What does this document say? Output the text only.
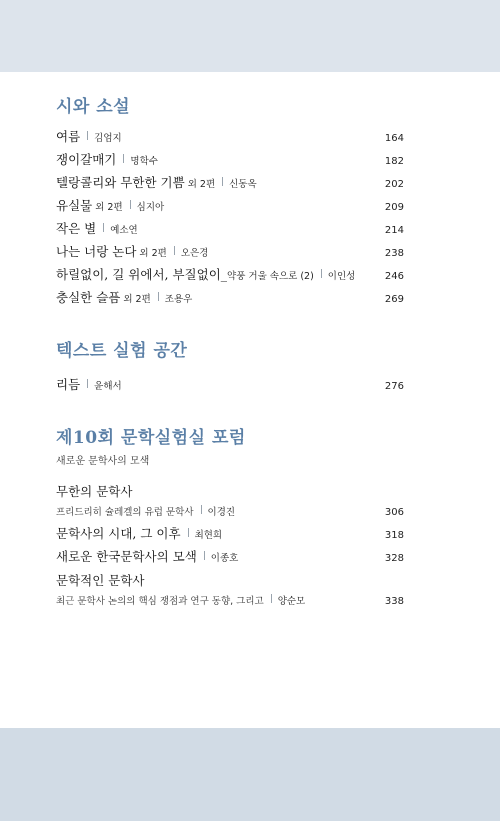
시와 소설
여름 김엄지	164
쟁이갈매기 명학수	182
텔랑콜리와 무한한 기쁨 외 2편 신동옥	202
유실물 외 2편 심지아	209
작은 별 예소연	214
나는 너랑 논다 외 2편 오은경	238
하릴없이, 길 위에서, 부질없이_ 약풍 거울 속으로 (2) 이인성	246
충실한 슬픔 외 2편 조용우	269
텍스트 실험 공간
리듬 윤해서	276
제10회 문학실험실 포럼

새로운 문학사의 모색

무한의 문학사
프리드리히 슐레겔의 유럽 문학사 이경진	306
문학사의 시대, 그 이후 최현희	318
새로운 한국문학사의 모색 이종호	328
문학적인 문학사
최근 문학사 논의의 핵심 쟁점과 연구 동향, 그리고 양순모	338
